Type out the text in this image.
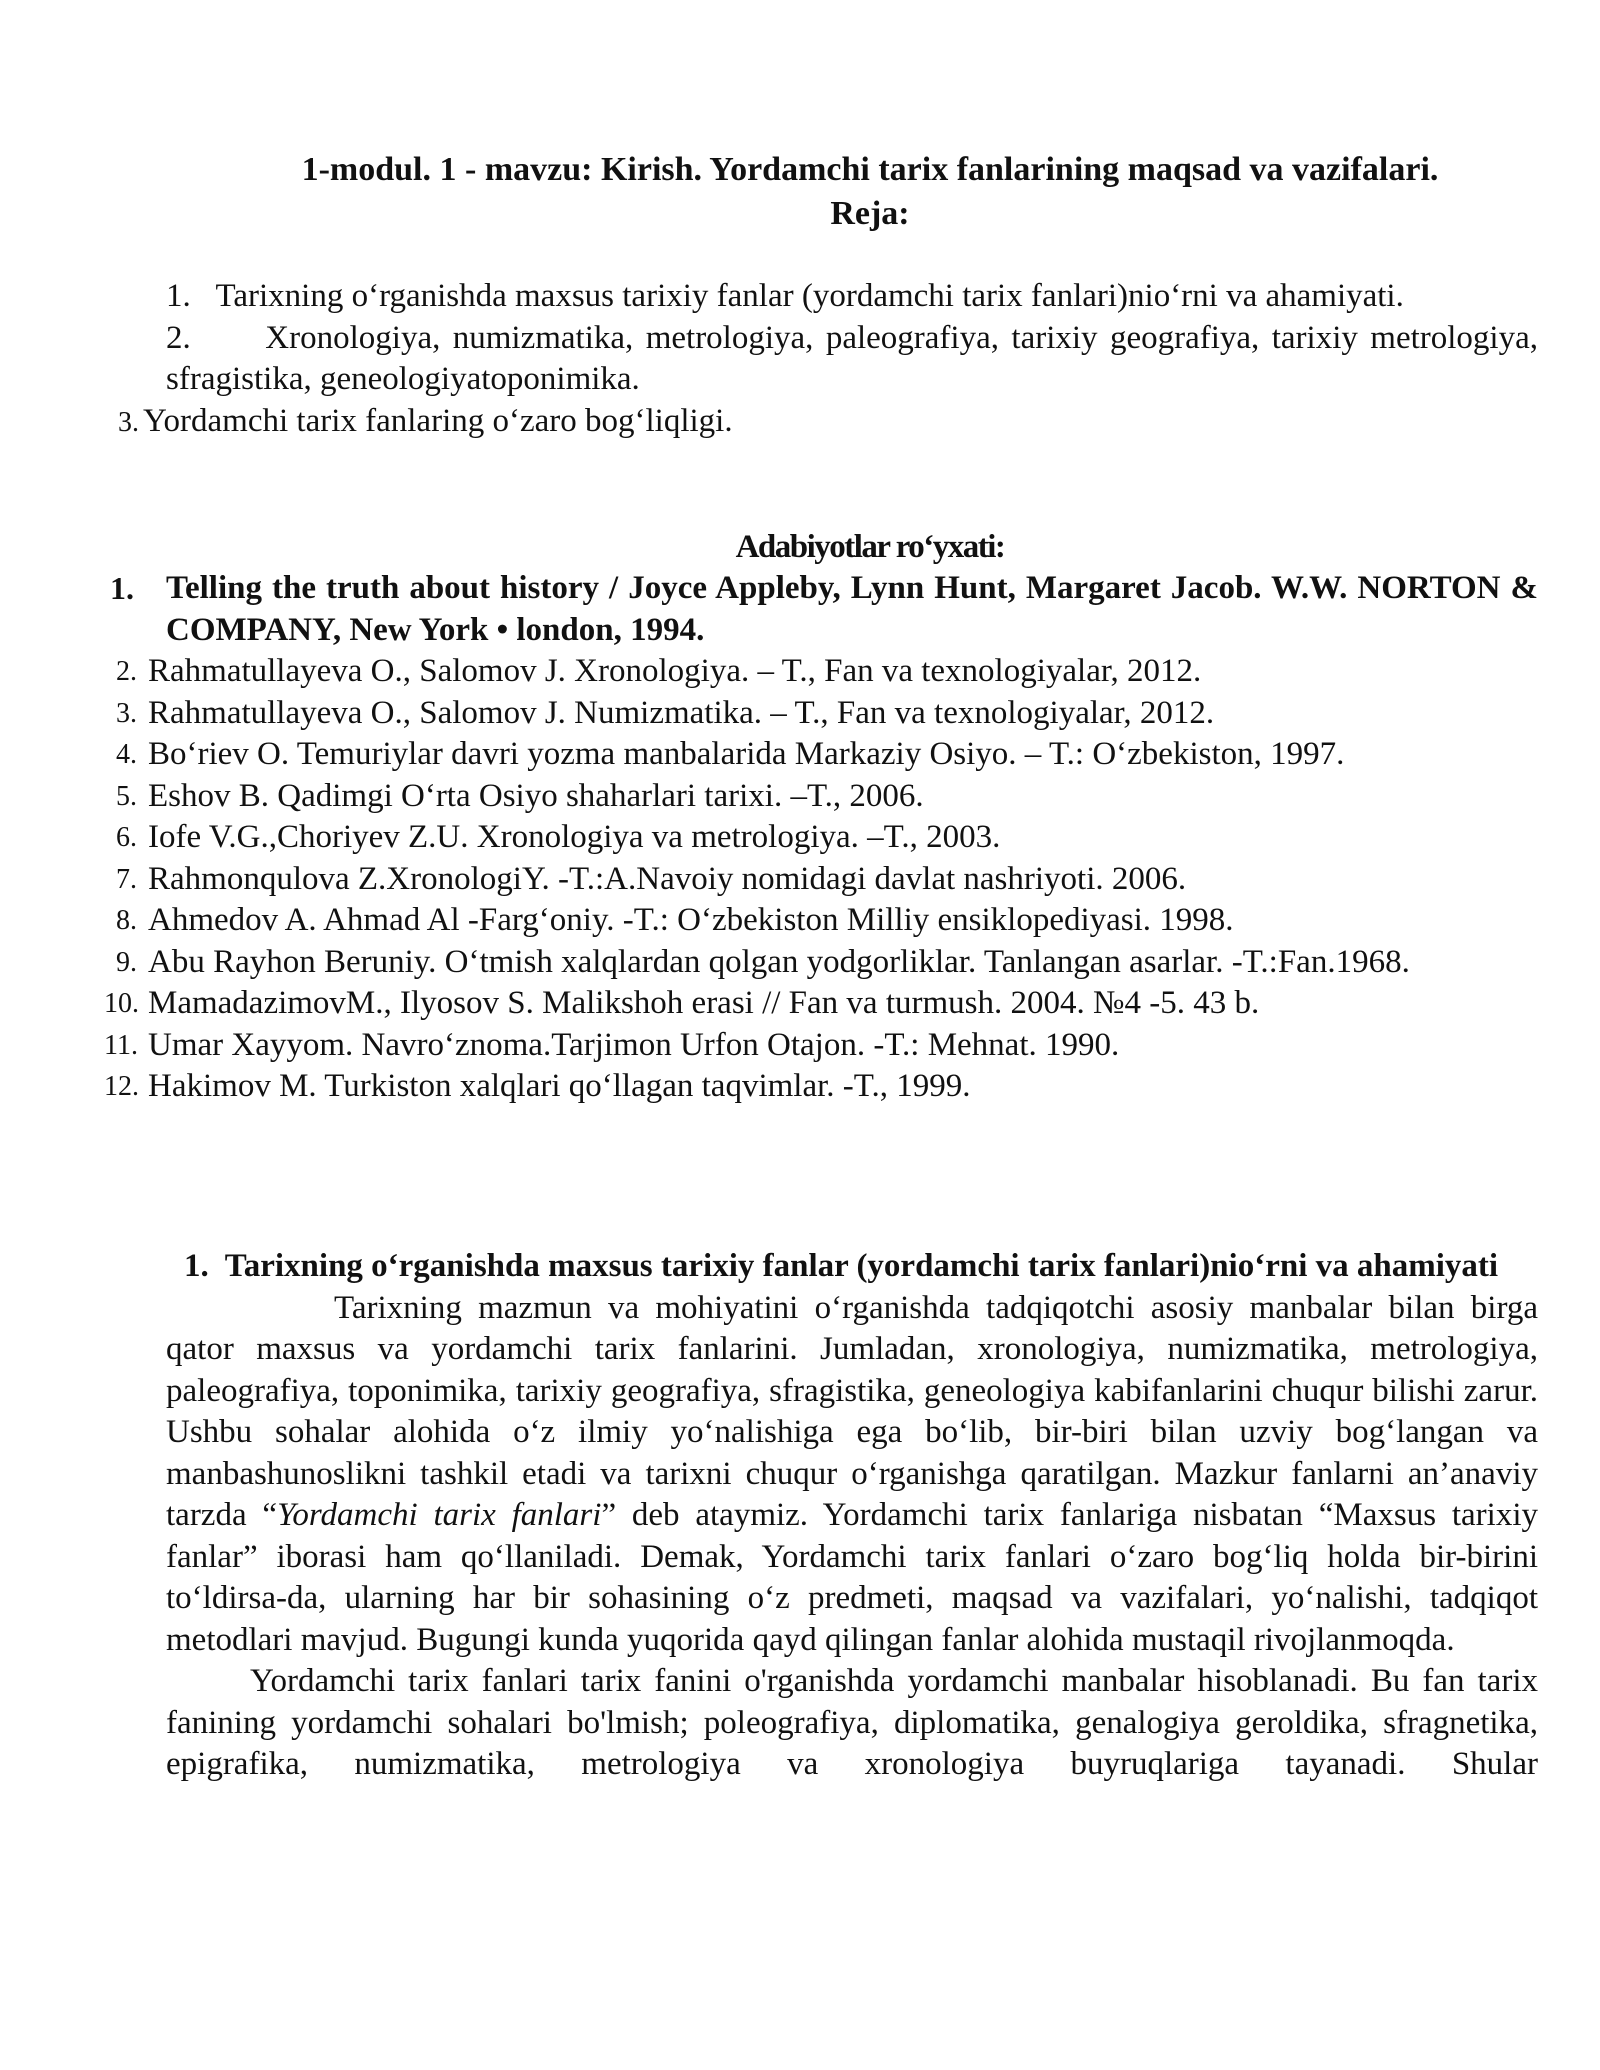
1-modul. 1 - mavzu: Kirish. Yordamchi tarix fanlarining maqsad va vazifalari.
Reja:
1. Tarixning o‘rganishda maxsus tarixiy fanlar (yordamchi tarix fanlari)nio‘rni va ahamiyati.
2. Xronologiya, numizmatika, metrologiya, paleografiya, tarixiy geografiya, tarixiy metrologiya, sfragistika, geneologiyatoponimika.
3. Yordamchi tarix fanlaring o‘zaro bog‘liqligi.
Adabiyotlar ro‘yxati:
1. Telling the truth about history / Joyce Appleby, Lynn Hunt, Margaret Jacob. W.W. NORTON & COMPANY, New York • london, 1994.
2. Rahmatullayeva O., Salomov J. Xronologiya. – T., Fan va texnologiyalar, 2012.
3. Rahmatullayeva O., Salomov J. Numizmatika. – T., Fan va texnologiyalar, 2012.
4. Bo‘riev O. Temuriylar davri yozma manbalarida Markaziy Osiyo. – T.: O‘zbekiston, 1997.
5. Eshov B. Qadimgi O‘rta Osiyo shaharlari tarixi. –T., 2006.
6. Iofe V.G.,Choriyev Z.U. Xronologiya va metrologiya. –T., 2003.
7. Rahmonqulova Z.XronologiY. -T.:A.Navoiy nomidagi davlat nashriyoti. 2006.
8. Ahmedov A. Ahmad Al -Farg‘oniy. -T.: O‘zbekiston Milliy ensiklopediyasi. 1998.
9. Abu Rayhon Beruniy. O‘tmish xalqlardan qolgan yodgorliklar. Tanlangan asarlar. -T.:Fan.1968.
10. MamadazimovM., Ilyosov S. Malikshoh erasi // Fan va turmush. 2004. №4 -5. 43 b.
11. Umar Xayyom. Navro‘znoma.Tarjimon Urfon Otajon. -T.: Mehnat. 1990.
12. Hakimov M. Turkiston xalqlari qo‘llagan taqvimlar. -T., 1999.
1. Tarixning o‘rganishda maxsus tarixiy fanlar (yordamchi tarix fanlari)nio‘rni va ahamiyati
Tarixning mazmun va mohiyatini o‘rganishda tadqiqotchi asosiy manbalar bilan birga qator maxsus va yordamchi tarix fanlarini. Jumladan, xronologiya, numizmatika, metrologiya, paleografiya, toponimika, tarixiy geografiya, sfragistika, geneologiya kabifanlarini chuqur bilishi zarur. Ushbu sohalar alohida o‘z ilmiy yo‘nalishiga ega bo‘lib, bir-biri bilan uzviy bog‘langan va manbashunoslikni tashkil etadi va tarixni chuqur o‘rganishga qaratilgan. Mazkur fanlarni an’anaviy tarzda “Yordamchi tarix fanlari” deb ataymiz. Yordamchi tarix fanlariga nisbatan “Maxsus tarixiy fanlar” iborasi ham qo‘llaniladi. Demak, Yordamchi tarix fanlari o‘zaro bog‘liq holda bir-birini to‘ldirsa-da, ularning har bir sohasining o‘z predmeti, maqsad va vazifalari, yo‘nalishi, tadqiqot metodlari mavjud. Bugungi kunda yuqorida qayd qilingan fanlar alohida mustaqil rivojlanmoqda.
Yordamchi tarix fanlari tarix fanini o'rganishda yordamchi manbalar hisoblanadi. Bu fan tarix fanining yordamchi sohalari bo'lmish; poleografiya, diplomatika, genalogiya geroldika, sfragnetika, epigrafika, numizmatika, metrologiya va xronologiya buyruqlariga tayanadi. Shular
